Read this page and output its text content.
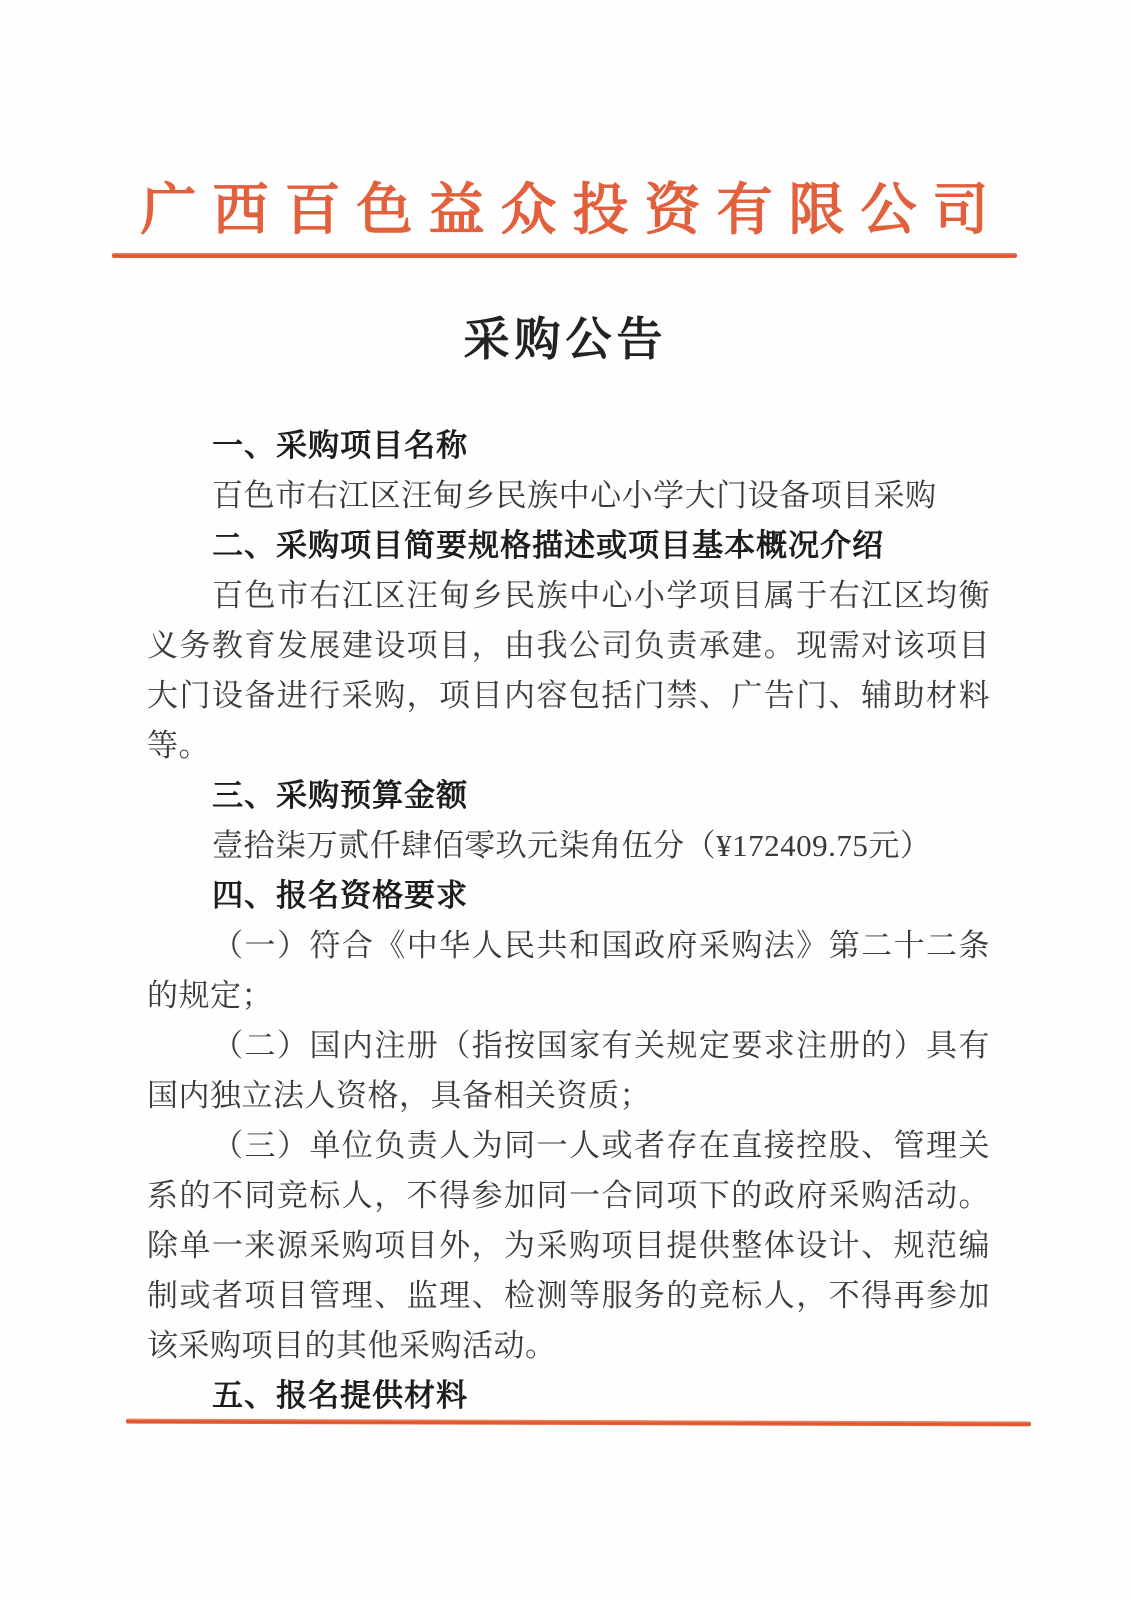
广西百色益众投资有限公司
采购公告
一、采购项目名称

百色市右江区汪甸乡民族中心小学大门设备项目采购

二、采购项目简要规格描述或项目基本概况介绍

百色市右江区汪甸乡民族中心小学项目属于右江区均衡义务教育发展建设项目，由我公司负责承建。现需对该项目大门设备进行采购，项目内容包括门禁、广告门、辅助材料等。

三、采购预算金额

壹拾柒万贰仟肆佰零玖元柒角伍分（¥172409.75元）

四、报名资格要求

（一）符合《中华人民共和国政府采购法》第二十二条的规定；

（二）国内注册（指按国家有关规定要求注册的）具有国内独立法人资格，具备相关资质；

（三）单位负责人为同一人或者存在直接控股、管理关系的不同竞标人，不得参加同一合同项下的政府采购活动。除单一来源采购项目外，为采购项目提供整体设计、规范编制或者项目管理、监理、检测等服务的竞标人，不得再参加该采购项目的其他采购活动。

五、报名提供材料
